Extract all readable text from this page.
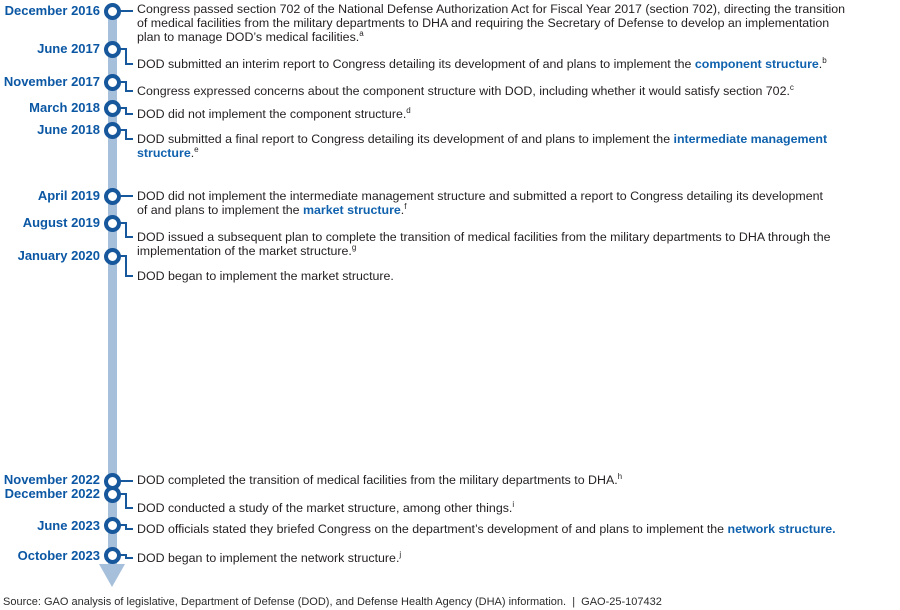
December 2016	Congress passed section 702 of the National Defense Authorization Act for Fiscal Year 2017 (section 702), directing the transition
of medical facilities from the military departments to DHA and requiring the Secretary of Defense to develop an implementation
plan to manage DOD’s medical facilities.$^a$
June 2017
DOD submitted an interim report to Congress detailing its development of and plans to implement the component structure.$^b$
November 2017
Congress expressed concerns about the component structure with DOD, including whether it would satisfy section 702.$^c$
March 2018	DOD did not implement the component structure.$^d$
June 2018
DOD submitted a final report to Congress detailing its development of and plans to implement the intermediate management
structure.$^e$
April 2019	DOD did not implement the intermediate management structure and submitted a report to Congress detailing its development
of and plans to implement the market structure.$^f$
August 2019
DOD issued a subsequent plan to complete the transition of medical facilities from the military departments to DHA through the
implementation of the market structure.$^g$
January 2020
DOD began to implement the market structure.
November 2022	DOD completed the transition of medical facilities from the military departments to DHA.$^h$
December 2022
DOD conducted a study of the market structure, among other things.$^i$
June 2023	DOD officials stated they briefed Congress on the department’s development of and plans to implement the network structure.
October 2023	DOD began to implement the network structure.$^j$
Source: GAO analysis of legislative, Department of Defense (DOD), and Defense Health Agency (DHA) information.  |  GAO-25-107432
